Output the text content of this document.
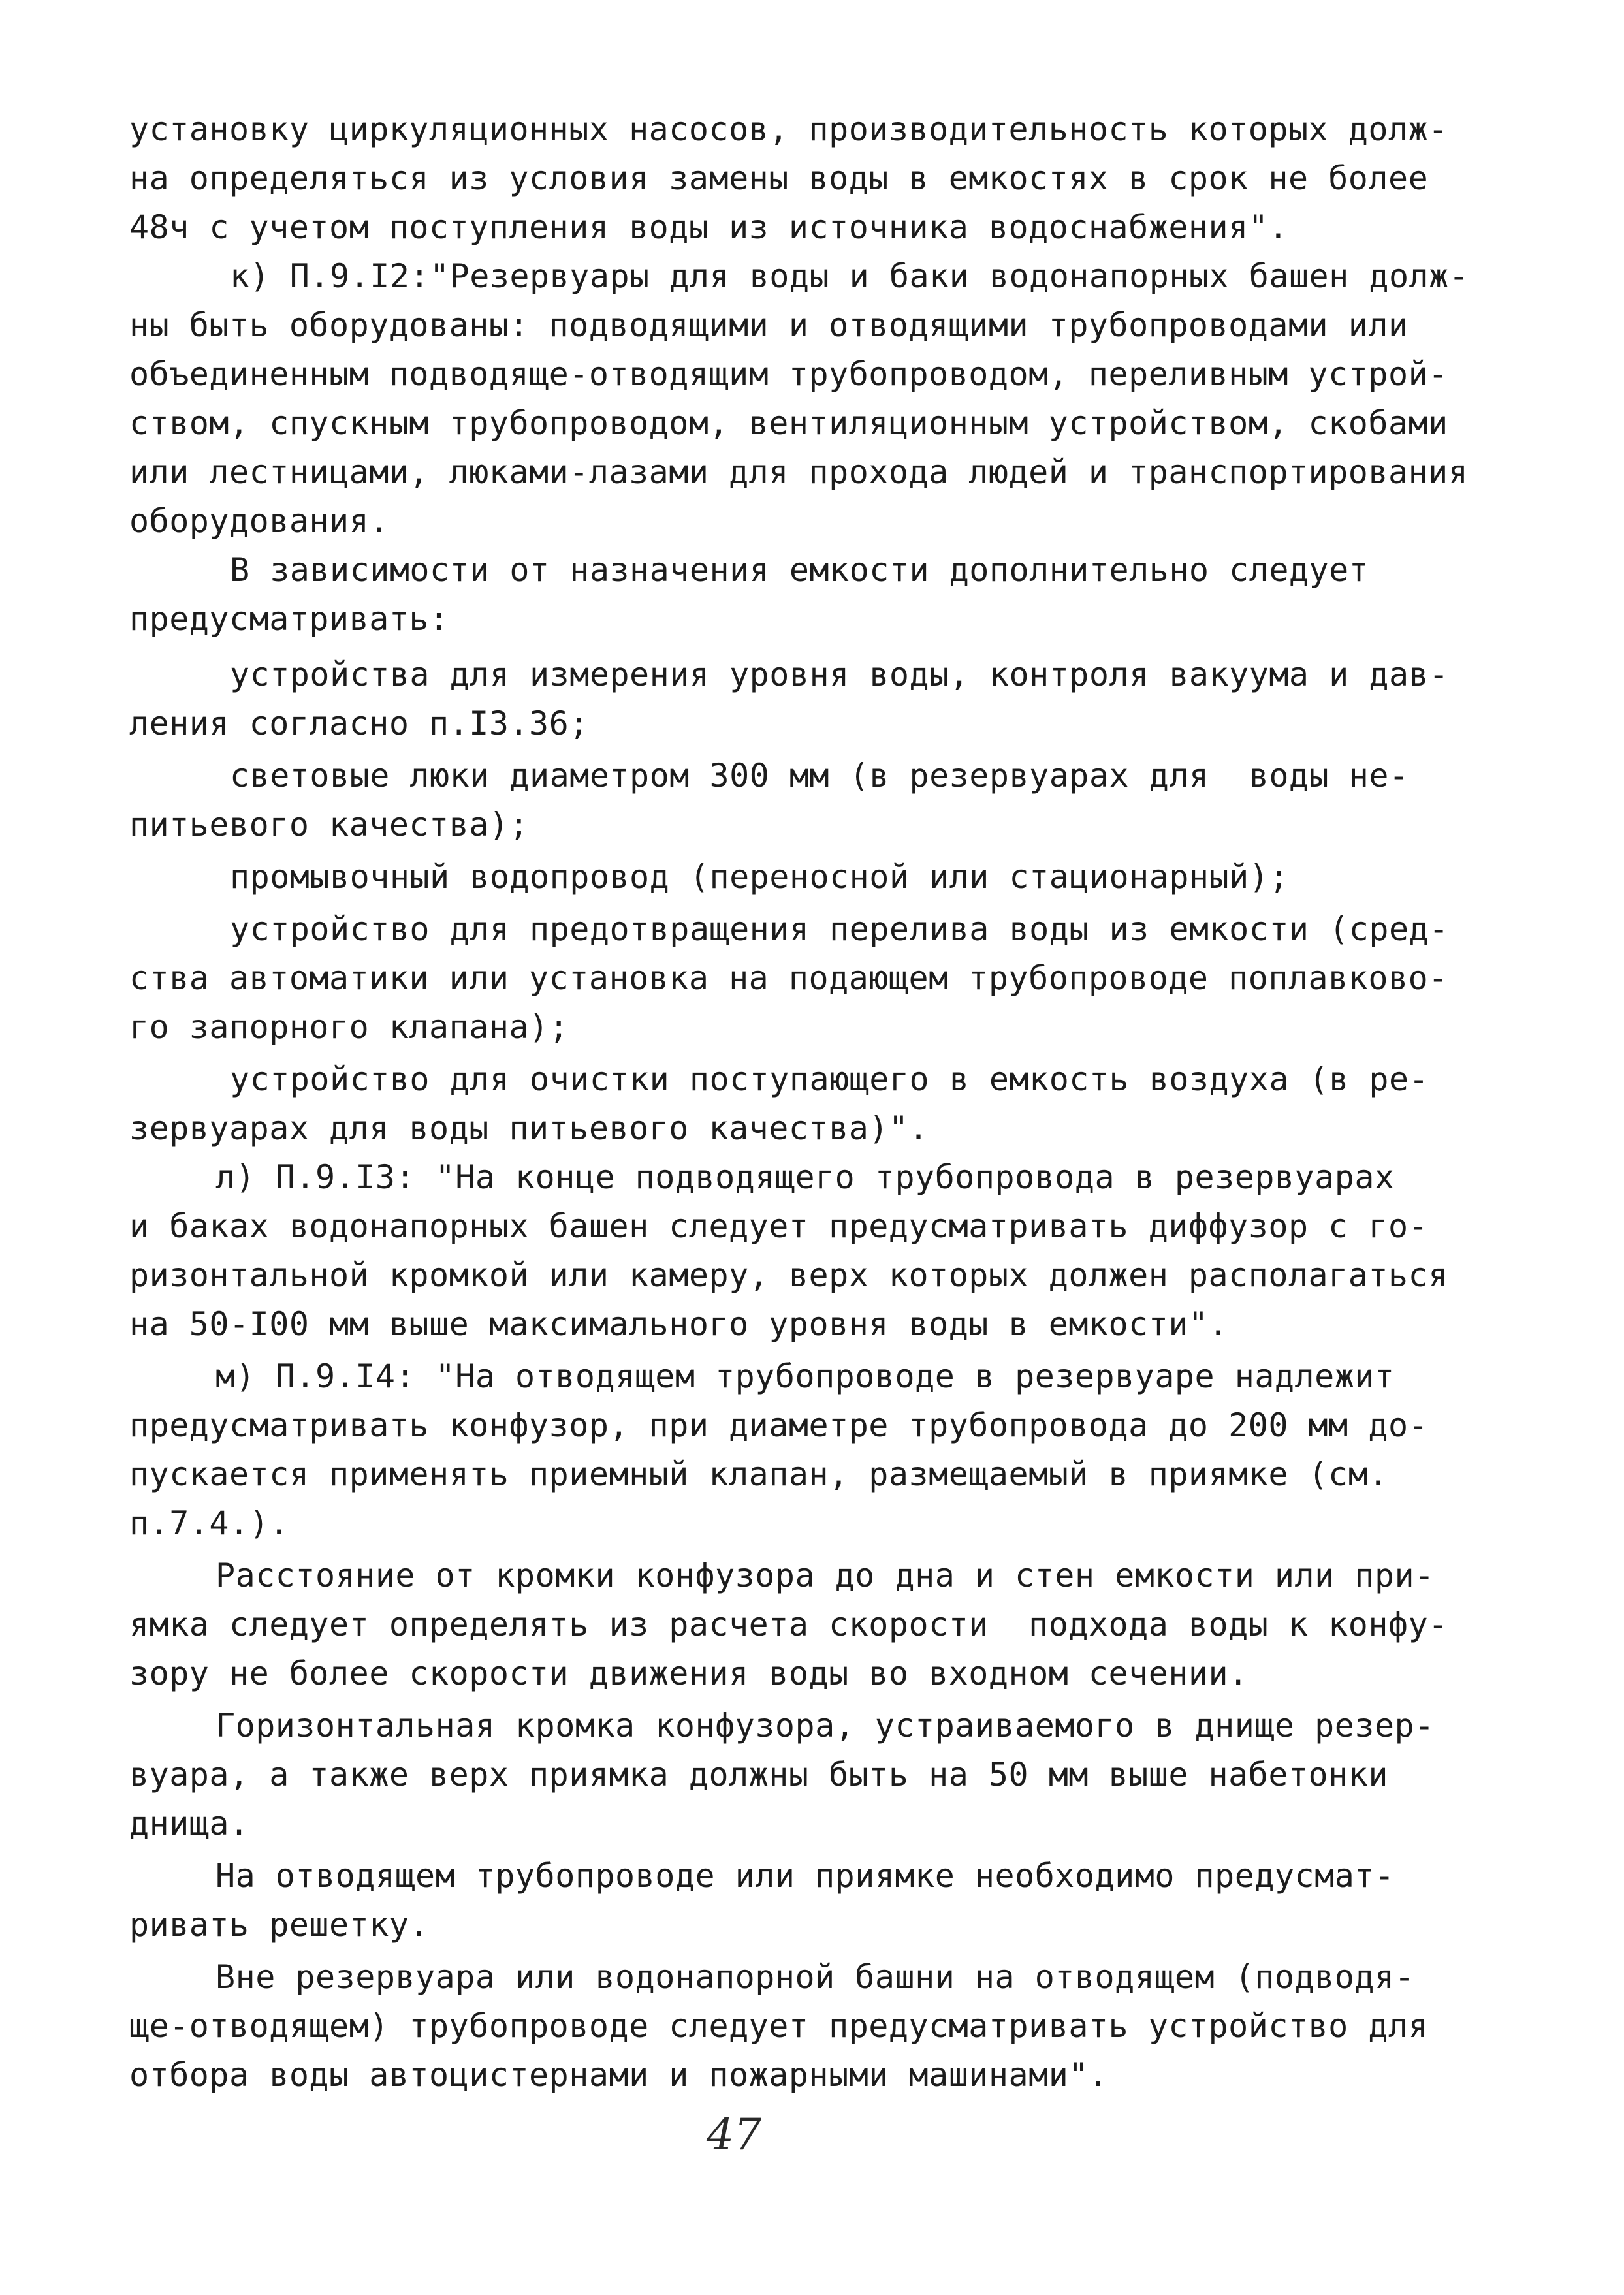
установку циркуляционных насосов, производительность которых долж-
на определяться из условия замены воды в емкостях в срок не более
48ч с учетом поступления воды из источника водоснабжения".
к) П.9.I2:"Резервуары для воды и баки водонапорных башен долж-
ны быть оборудованы: подводящими и отводящими трубопроводами или
объединенным подводяще-отводящим трубопроводом, переливным устрой-
ством, спускным трубопроводом, вентиляционным устройством, скобами
или лестницами, люками-лазами для прохода людей и транспортирования
оборудования.
В зависимости от назначения емкости дополнительно следует
предусматривать:
устройства для измерения уровня воды, контроля вакуума и дав-
ления согласно п.I3.36;
световые люки диаметром 300 мм (в резервуарах для  воды не-
питьевого качества);
промывочный водопровод (переносной или стационарный);
устройство для предотвращения перелива воды из емкости (сред-
ства автоматики или установка на подающем трубопроводе поплавково-
го запорного клапана);
устройство для очистки поступающего в емкость воздуха (в ре-
зервуарах для воды питьевого качества)".
л) П.9.I3: "На конце подводящего трубопровода в резервуарах
и баках водонапорных башен следует предусматривать диффузор с го-
ризонтальной кромкой или камеру, верх которых должен располагаться
на 50-I00 мм выше максимального уровня воды в емкости".
м) П.9.I4: "На отводящем трубопроводе в резервуаре надлежит
предусматривать конфузор, при диаметре трубопровода до 200 мм до-
пускается применять приемный клапан, размещаемый в приямке (см.
п.7.4.).
Расстояние от кромки конфузора до дна и стен емкости или при-
ямка следует определять из расчета скорости  подхода воды к конфу-
зору не более скорости движения воды во входном сечении.
Горизонтальная кромка конфузора, устраиваемого в днище резер-
вуара, а также верх приямка должны быть на 50 мм выше набетонки
днища.
На отводящем трубопроводе или приямке необходимо предусмат-
ривать решетку.
Вне резервуара или водонапорной башни на отводящем (подводя-
ще-отводящем) трубопроводе следует предусматривать устройство для
отбора воды автоцистернами и пожарными машинами".
47
